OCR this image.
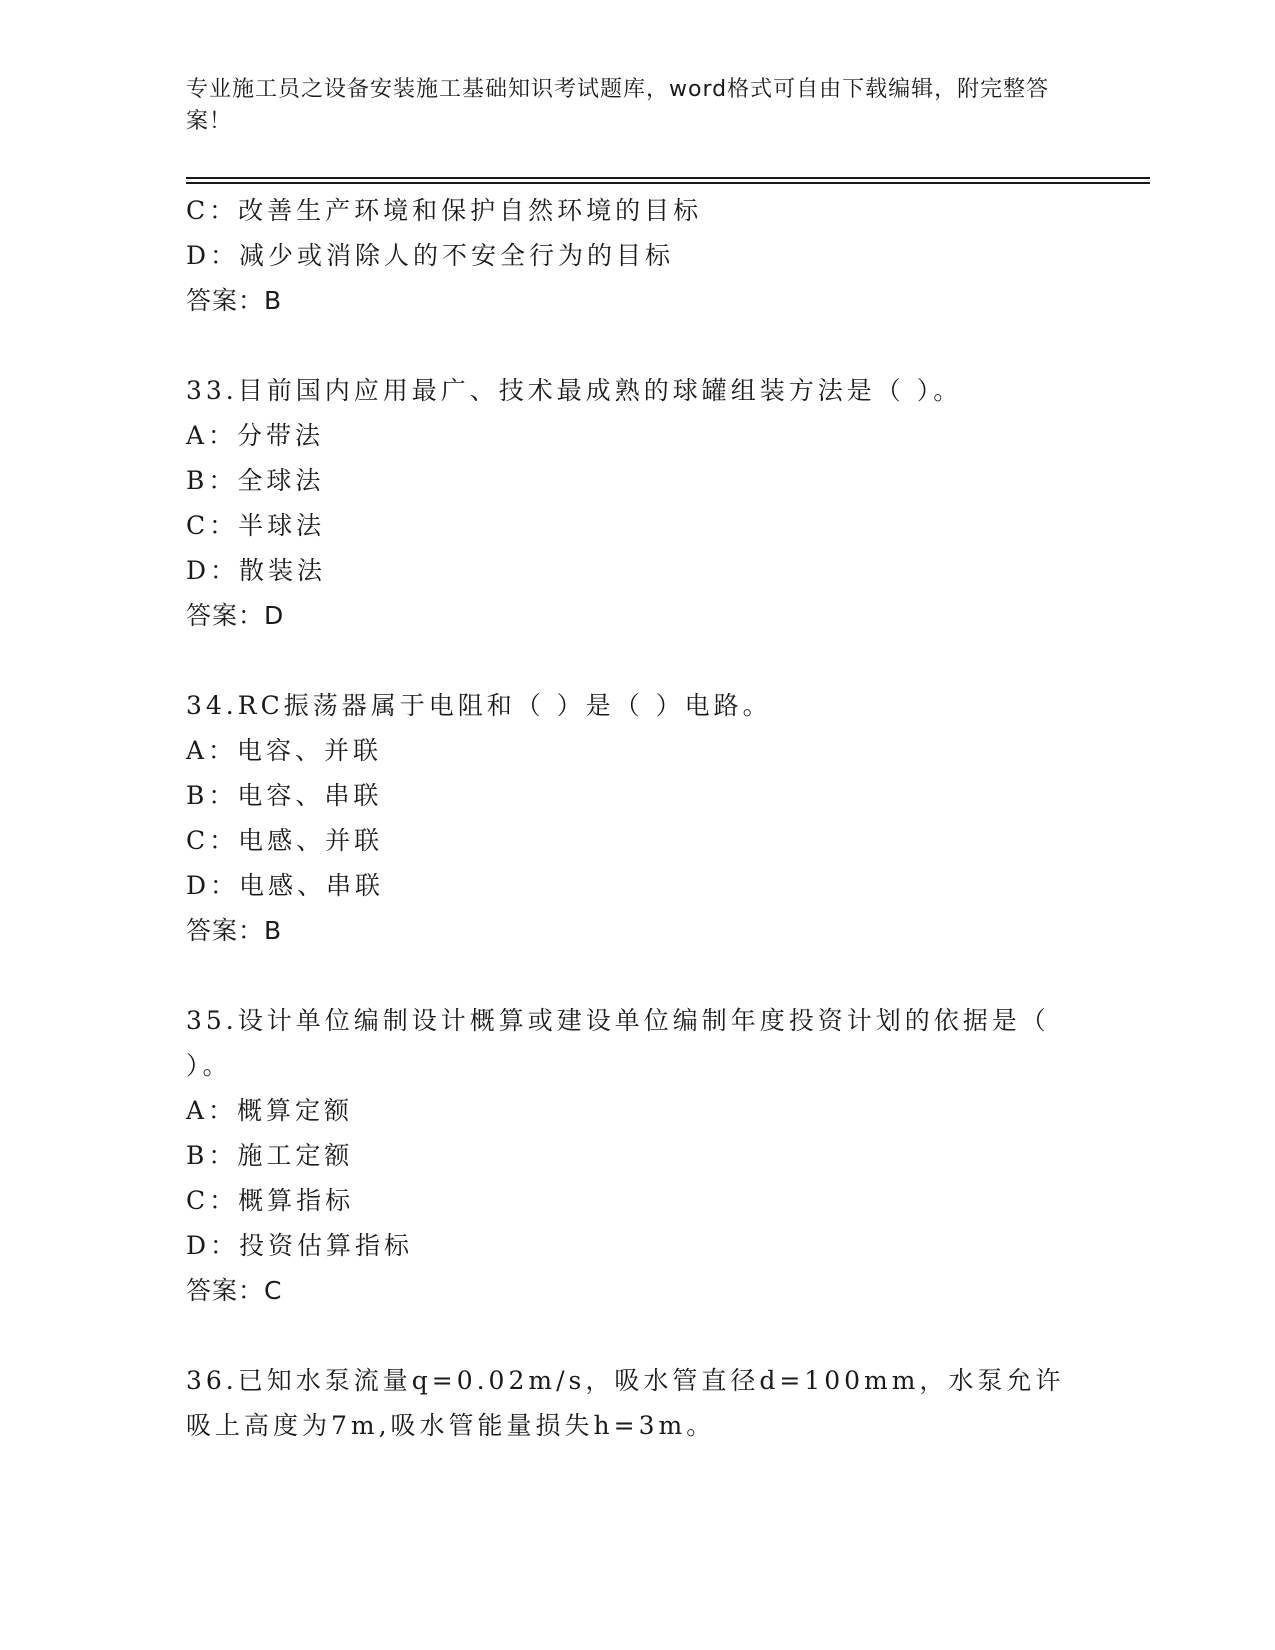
专业施工员之设备安装施工基础知识考试题库，word格式可自由下载编辑，附完整答案！
C：改善生产环境和保护自然环境的目标
D：减少或消除人的不安全行为的目标
答案：B
33.目前国内应用最广、技术最成熟的球罐组装方法是（ ）。
A：分带法
B：全球法
C：半球法
D：散装法
答案：D
34.RC振荡器属于电阻和（ ）是（ ）电路。
A：电容、并联
B：电容、串联
C：电感、并联
D：电感、串联
答案：B
35.设计单位编制设计概算或建设单位编制年度投资计划的依据是（ ）。
A：概算定额
B：施工定额
C：概算指标
D：投资估算指标
答案：C
36.已知水泵流量q=0.02m/s，吸水管直径d=100mm，水泵允许吸上高度为7m,吸水管能量损失h=3m。
